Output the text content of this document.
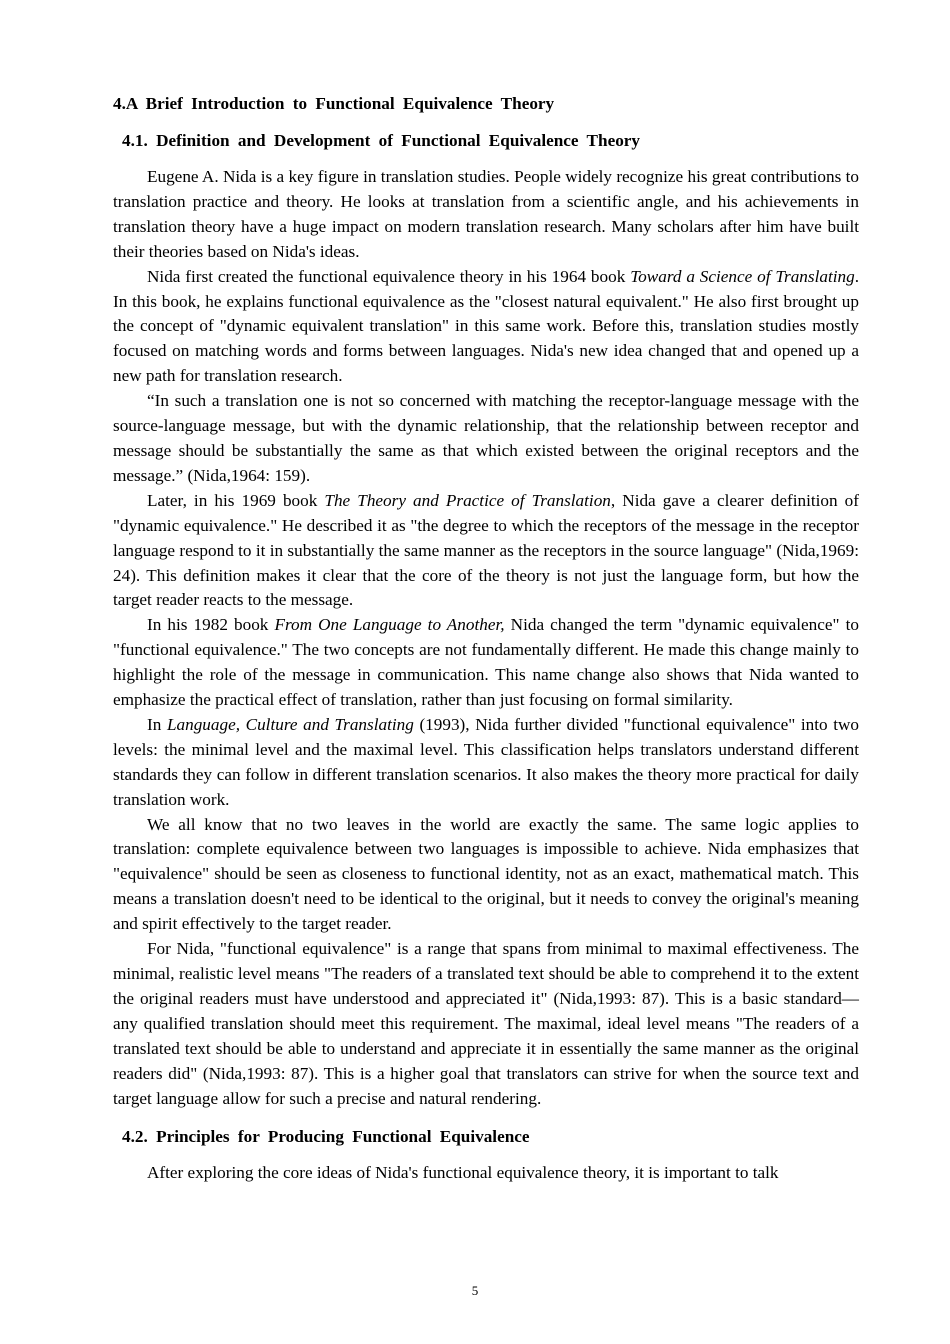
4.A Brief Introduction to Functional Equivalence Theory
4.1. Definition and Development of Functional Equivalence Theory

Eugene A. Nida is a key figure in translation studies. People widely recognize his great contributions to translation practice and theory. He looks at translation from a scientific angle, and his achievements in translation theory have a huge impact on modern translation research. Many scholars after him have built their theories based on Nida's ideas.

Nida first created the functional equivalence theory in his 1964 book Toward a Science of Translating. In this book, he explains functional equivalence as the "closest natural equivalent." He also first brought up the concept of "dynamic equivalent translation" in this same work. Before this, translation studies mostly focused on matching words and forms between languages. Nida's new idea changed that and opened up a new path for translation research.

“In such a translation one is not so concerned with matching the receptor-language message with the source-language message, but with the dynamic relationship, that the relationship between receptor and message should be substantially the same as that which existed between the original receptors and the message.” (Nida,1964: 159).

Later, in his 1969 book The Theory and Practice of Translation, Nida gave a clearer definition of "dynamic equivalence." He described it as "the degree to which the receptors of the message in the receptor language respond to it in substantially the same manner as the receptors in the source language" (Nida,1969: 24). This definition makes it clear that the core of the theory is not just the language form, but how the target reader reacts to the message.

In his 1982 book From One Language to Another, Nida changed the term "dynamic equivalence" to "functional equivalence." The two concepts are not fundamentally different. He made this change mainly to highlight the role of the message in communication. This name change also shows that Nida wanted to emphasize the practical effect of translation, rather than just focusing on formal similarity.

In Language, Culture and Translating (1993), Nida further divided "functional equivalence" into two levels: the minimal level and the maximal level. This classification helps translators understand different standards they can follow in different translation scenarios. It also makes the theory more practical for daily translation work.

We all know that no two leaves in the world are exactly the same. The same logic applies to translation: complete equivalence between two languages is impossible to achieve. Nida emphasizes that "equivalence" should be seen as closeness to functional identity, not as an exact, mathematical match. This means a translation doesn't need to be identical to the original, but it needs to convey the original's meaning and spirit effectively to the target reader.

For Nida, "functional equivalence" is a range that spans from minimal to maximal effectiveness. The minimal, realistic level means "The readers of a translated text should be able to comprehend it to the extent the original readers must have understood and appreciated it" (Nida,1993: 87). This is a basic standard—any qualified translation should meet this requirement. The maximal, ideal level means "The readers of a translated text should be able to understand and appreciate it in essentially the same manner as the original readers did" (Nida,1993: 87). This is a higher goal that translators can strive for when the source text and target language allow for such a precise and natural rendering.

4.2. Principles for Producing Functional Equivalence

After exploring the core ideas of Nida's functional equivalence theory, it is important to talk

5
